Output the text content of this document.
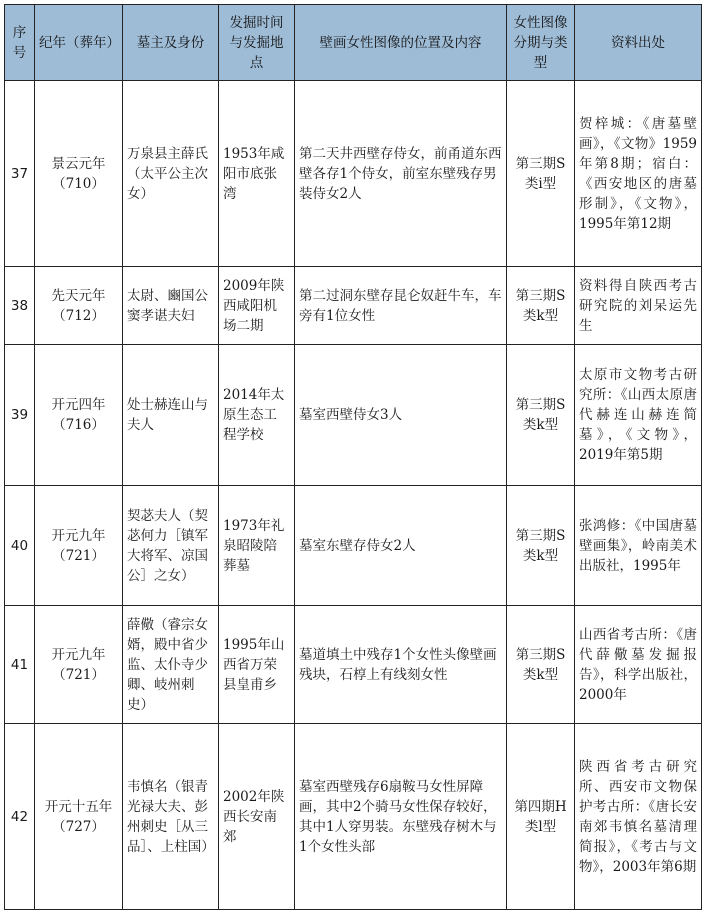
序号	纪年（葬年）	墓主及身份	发掘时间与发掘地点	壁画女性图像的位置及内容	女性图像分期与类型	资料出处
37	景云元年（710）	万泉县主薛氏（太平公主次女）	1953年咸阳市底张湾	第二天井西壁存侍女，前甬道东西壁各存1个侍女，前室东壁残存男装侍女2人	第三期S类i型	贺梓城：《唐墓壁画》，《文物》1959年第8期；宿白：《西安地区的唐墓形制》，《文物》，1995年第12期
38	先天元年（712）	太尉、豳国公窦孝谌夫妇	2009年陕西咸阳机场二期	第二过洞东壁存昆仑奴赶牛车，车旁有1位女性	第三期S类k型	资料得自陕西考古研究院的刘呆运先生
39	开元四年（716）	处士赫连山与夫人	2014年太原生态工程学校	墓室西壁侍女3人	第三期S类k型	太原市文物考古研究所：《山西太原唐代赫连山赫连简墓》，《文物》，2019年第5期
40	开元九年（721）	契苾夫人（契苾何力［镇军大将军、凉国公］之女）	1973年礼泉昭陵陪葬墓	墓室东壁存侍女2人	第三期S类k型	张鸿修：《中国唐墓壁画集》，岭南美术出版社，1995年
41	开元九年（721）	薛儆（睿宗女婿，殿中省少监、太仆寺少卿、岐州刺史）	1995年山西省万荣县皇甫乡	墓道填土中残存1个女性头像壁画残块，石椁上有线刻女性	第三期S类k型	山西省考古所：《唐代薛儆墓发掘报告》，科学出版社，2000年
42	开元十五年（727）	韦慎名（银青光禄大夫、彭州刺史［从三品］、上柱国）	2002年陕西长安南郊	墓室西壁残存6扇鞍马女性屏障画，其中2个骑马女性保存较好，其中1人穿男装。东壁残存树木与1个女性头部	第四期H类l型	陕西省考古研究所、西安市文物保护考古所：《唐长安南郊韦慎名墓清理简报》，《考古与文物》，2003年第6期
